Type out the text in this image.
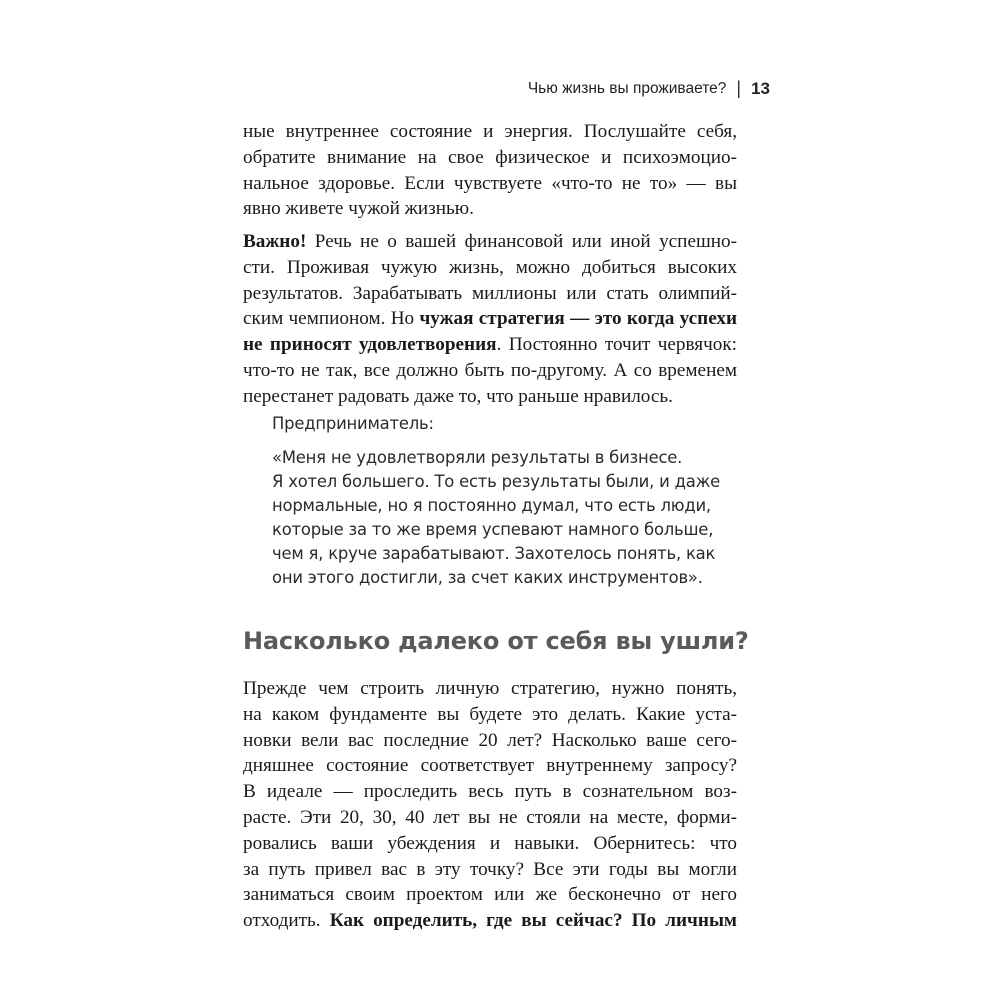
Чью жизнь вы проживаете? | 13
ные внутреннее состояние и энергия. Послушайте себя,
обратите внимание на свое физическое и психоэмоцио-
нальное здоровье. Если чувствуете «что-то не то» — вы
явно живете чужой жизнью.
Важно! Речь не о вашей финансовой или иной успешно-
сти. Проживая чужую жизнь, можно добиться высоких
результатов. Зарабатывать миллионы или стать олимпий-
ским чемпионом. Но чужая стратегия — это когда успехи
не приносят удовлетворения. Постоянно точит червячок:
что-то не так, все должно быть по-другому. А со временем
перестанет радовать даже то, что раньше нравилось.
Предприниматель:
«Меня не удовлетворяли результаты в бизнесе.
Я хотел большего. То есть результаты были, и даже
нормальные, но я постоянно думал, что есть люди,
которые за то же время успевают намного больше,
чем я, круче зарабатывают. Захотелось понять, как
они этого достигли, за счет каких инструментов».
Насколько далеко от себя вы ушли?
Прежде чем строить личную стратегию, нужно понять,
на каком фундаменте вы будете это делать. Какие уста-
новки вели вас последние 20 лет? Насколько ваше сего-
дняшнее состояние соответствует внутреннему запросу?
В идеале — проследить весь путь в сознательном воз-
расте. Эти 20, 30, 40 лет вы не стояли на месте, форми-
ровались ваши убеждения и навыки. Обернитесь: что
за путь привел вас в эту точку? Все эти годы вы могли
заниматься своим проектом или же бесконечно от него
отходить. Как определить, где вы сейчас? По личным
